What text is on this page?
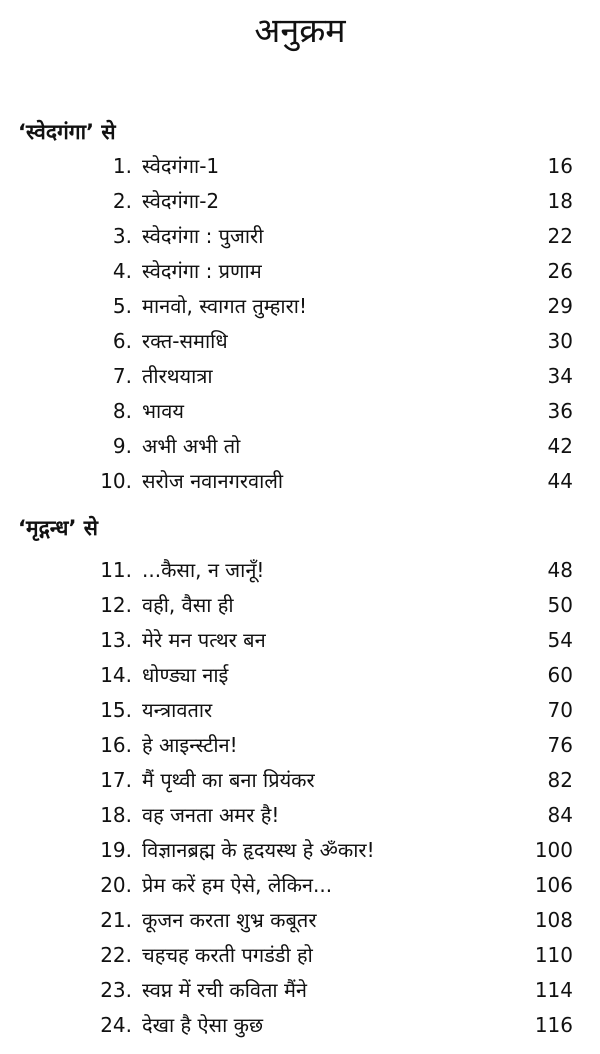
अनुक्रम
‘स्वेदगंगा’ से
1. स्वेदगंगा-1	16
2. स्वेदगंगा-2	18
3. स्वेदगंगा : पुजारी	22
4. स्वेदगंगा : प्रणाम	26
5. मानवो, स्वागत तुम्हारा!	29
6. रक्त-समाधि	30
7. तीरथयात्रा	34
8. भावय	36
9. अभी अभी तो	42
10. सरोज नवानगरवाली	44
‘मृद्गन्ध’ से
11. ...कैसा, न जानूँ!	48
12. वही, वैसा ही	50
13. मेरे मन पत्थर बन	54
14. धोण्ड्या नाई	60
15. यन्त्रावतार	70
16. हे आइन्स्टीन!	76
17. मैं पृथ्वी का बना प्रियंकर	82
18. वह जनता अमर है!	84
19. विज्ञानब्रह्म के हृदयस्थ हे ॐकार!	100
20. प्रेम करें हम ऐसे, लेकिन...	106
21. कूजन करता शुभ्र कबूतर	108
22. चहचह करती पगडंडी हो	110
23. स्वप्न में रची कविता मैंने	114
24. देखा है ऐसा कुछ	116
